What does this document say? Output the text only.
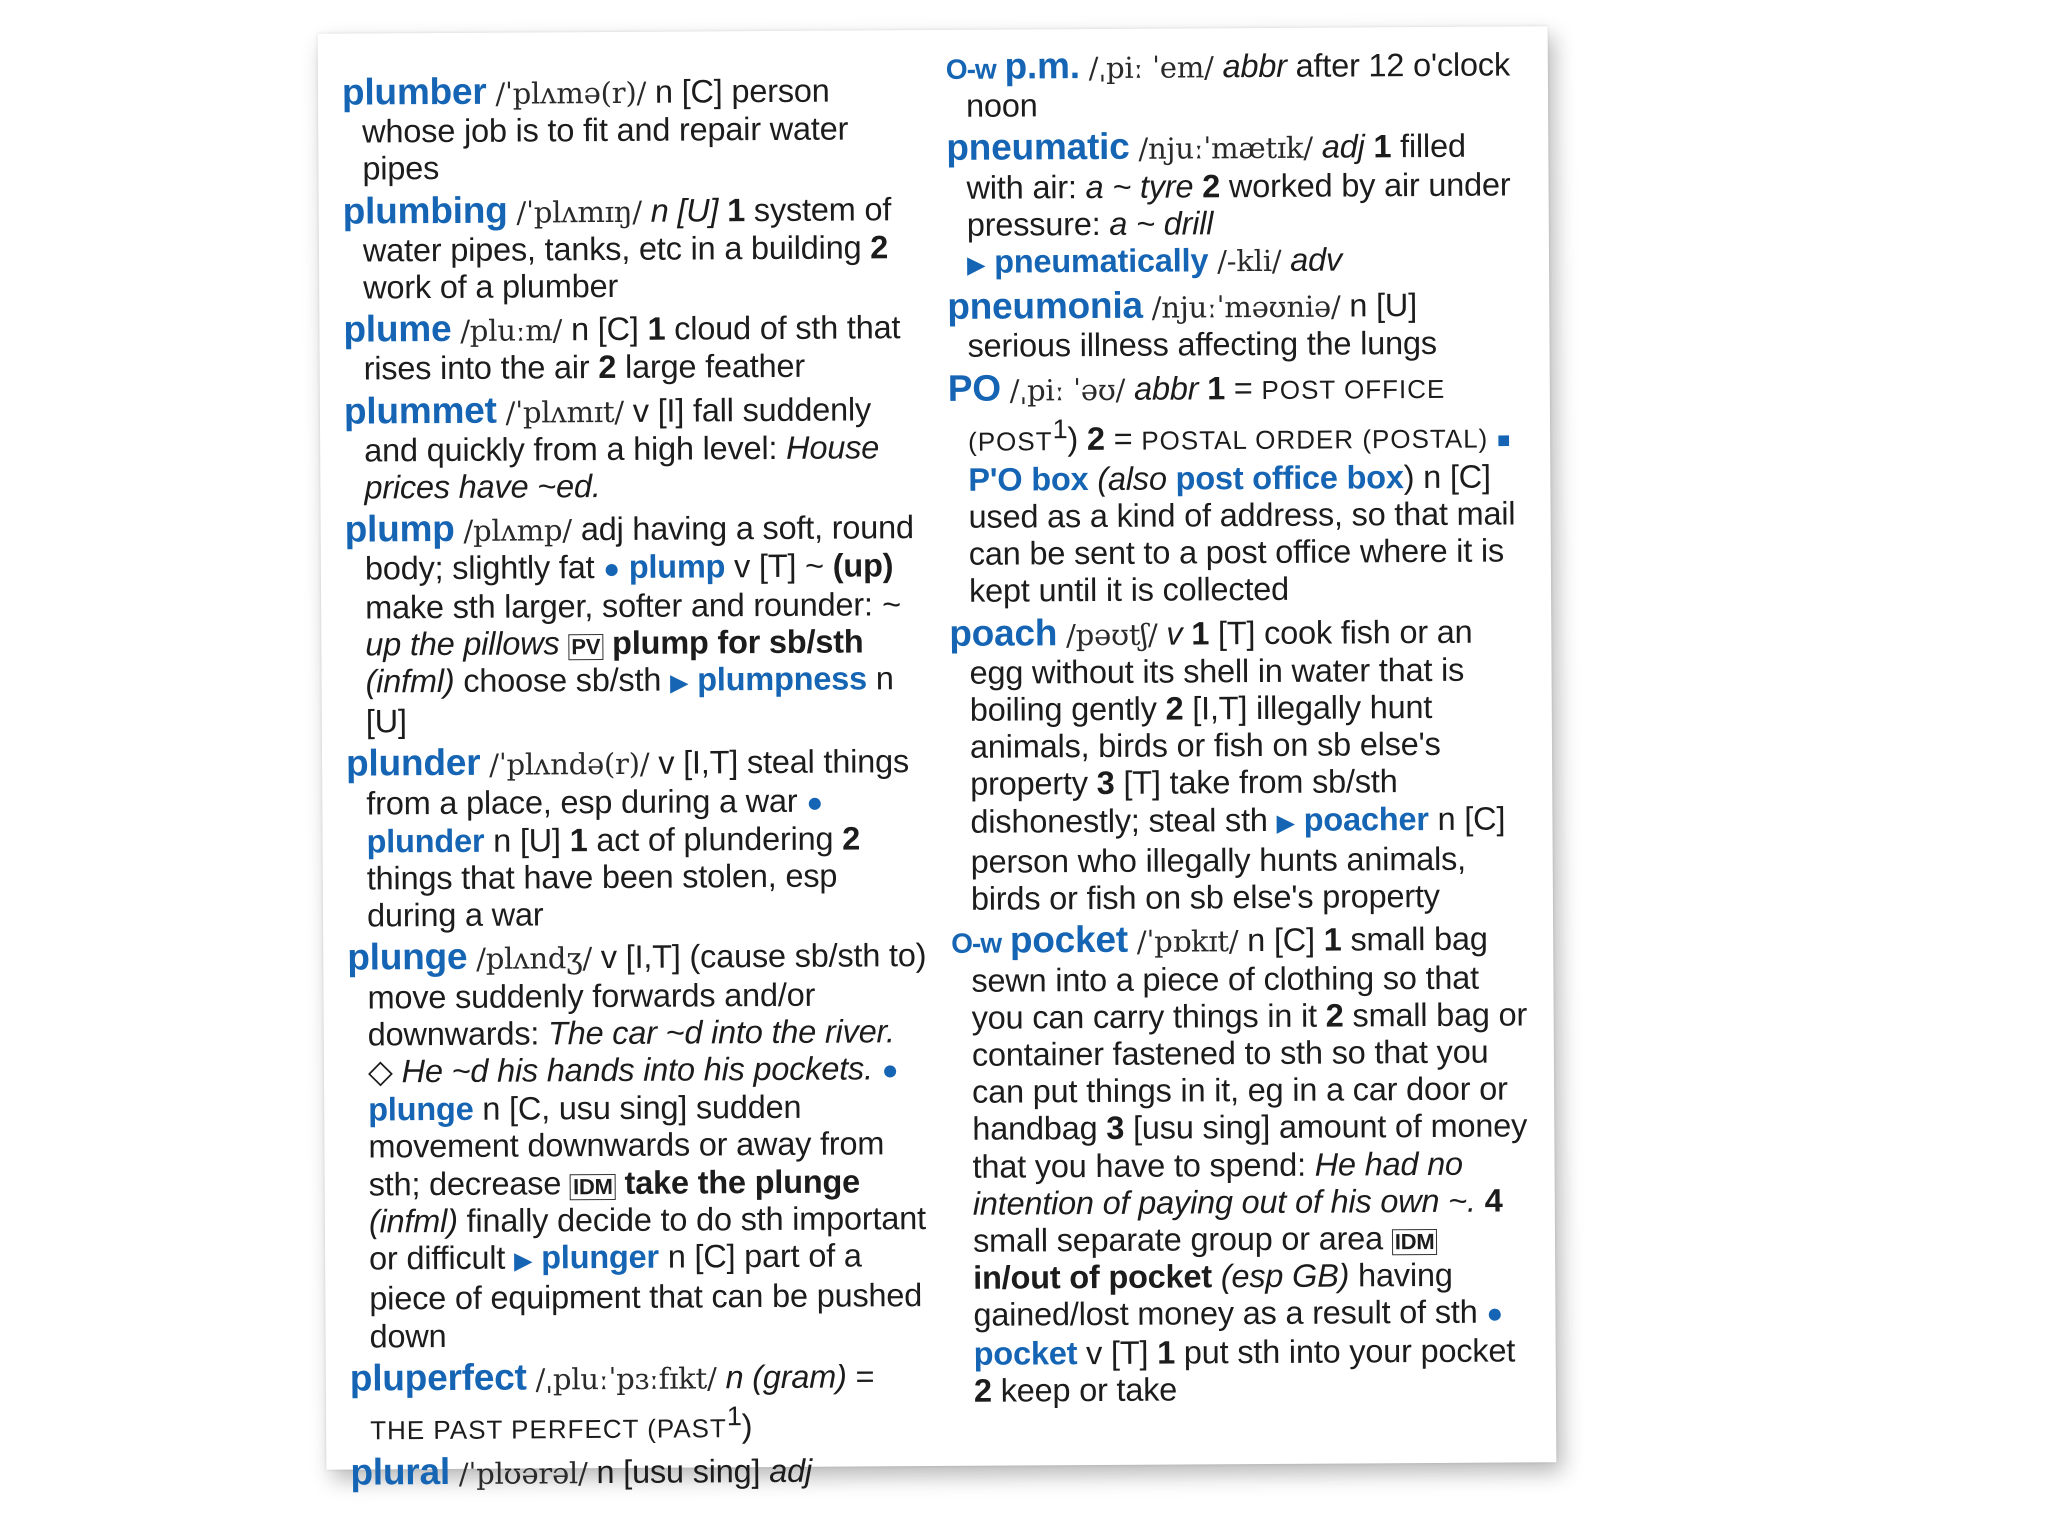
plumber /ˈplʌmə(r)/ n [C] person whose job is to fit and repair water pipes

plumbing /ˈplʌmɪŋ/ n [U] 1 system of water pipes, tanks, etc in a building 2 work of a plumber

plume /pluːm/ n [C] 1 cloud of sth that rises into the air 2 large feather

plummet /ˈplʌmɪt/ v [I] fall suddenly and quickly from a high level: House prices have ~ed.

plump /plʌmp/ adj having a soft, round body; slightly fat ● plump v [T] ~ (up) make sth larger, softer and rounder: ~ up the pillows PV plump for sb/sth (infml) choose sb/sth ▶ plumpness n [U]

plunder /ˈplʌndə(r)/ v [I,T] steal things from a place, esp during a war ● plunder n [U] 1 act of plundering 2 things that have been stolen, esp during a war

plunge /plʌndʒ/ v [I,T] (cause sb/sth to) move suddenly forwards and/or downwards: The car ~d into the river. ◇ He ~d his hands into his pockets. ● plunge n [C, usu sing] sudden movement downwards or away from sth; decrease IDM take the plunge (infml) finally decide to do sth important or difficult ▶ plunger n [C] part of a piece of equipment that can be pushed down

pluperfect /ˌpluːˈpɜːfɪkt/ n (gram) = THE PAST PERFECT (PAST$^1$)

plural /ˈplʊərəl/ n [usu sing] adj

O‑w p.m. /ˌpiː ˈem/ abbr after 12 o'clock noon

pneumatic /njuːˈmætɪk/ adj 1 filled with air: a ~ tyre 2 worked by air under pressure: a ~ drill
▶ pneumatically /-kli/ adv

pneumonia /njuːˈməʊniə/ n [U] serious illness affecting the lungs

PO /ˌpiː ˈəʊ/ abbr 1 = POST OFFICE (POST$^1$) 2 = POSTAL ORDER (POSTAL) ■ P'O box (also post office box) n [C] used as a kind of address, so that mail can be sent to a post office where it is kept until it is collected

poach /pəʊtʃ/ v 1 [T] cook fish or an egg without its shell in water that is boiling gently 2 [I,T] illegally hunt animals, birds or fish on sb else's property 3 [T] take from sb/sth dishonestly; steal sth ▶ poacher n [C] person who illegally hunts animals, birds or fish on sb else's property

O‑w pocket /ˈpɒkɪt/ n [C] 1 small bag sewn into a piece of clothing so that you can carry things in it 2 small bag or container fastened to sth so that you can put things in it, eg in a car door or handbag 3 [usu sing] amount of money that you have to spend: He had no intention of paying out of his own ~. 4 small separate group or area IDM in/out of pocket (esp GB) having gained/lost money as a result of sth ● pocket v [T] 1 put sth into your pocket 2 keep or take
